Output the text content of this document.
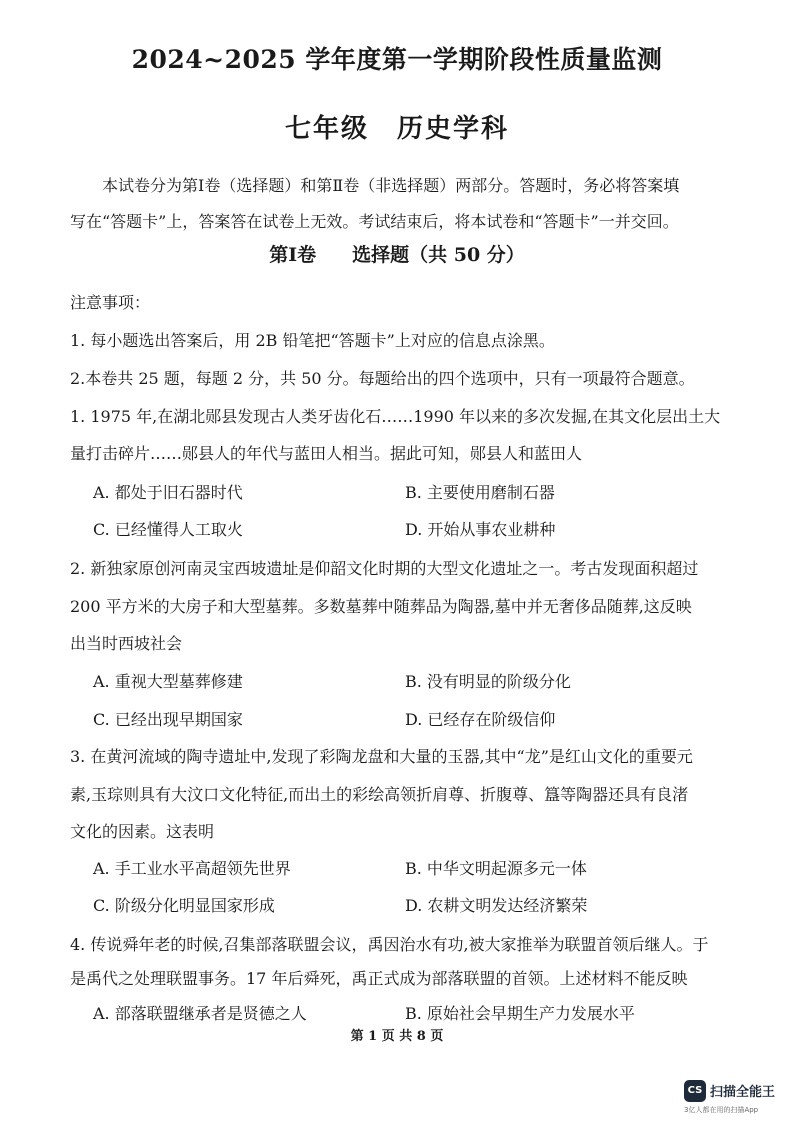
2024~2025 学年度第一学期阶段性质量监测
七年级 历史学科
本试卷分为第Ⅰ卷（选择题）和第Ⅱ卷（非选择题）两部分。答题时，务必将答案填
写在“答题卡”上，答案答在试卷上无效。考试结束后，将本试卷和“答题卡”一并交回。
第Ⅰ卷 选择题（共 50 分）
注意事项：
1. 每小题选出答案后，用 2B 铅笔把“答题卡”上对应的信息点涂黑。
2.本卷共 25 题，每题 2 分，共 50 分。每题给出的四个选项中，只有一项最符合题意。
1. 1975 年,在湖北郧县发现古人类牙齿化石……1990 年以来的多次发掘,在其文化层出土大
量打击碎片……郧县人的年代与蓝田人相当。据此可知，郧县人和蓝田人
A. 都处于旧石器时代	B. 主要使用磨制石器
C. 已经懂得人工取火	D. 开始从事农业耕种
2. 新独家原创河南灵宝西坡遗址是仰韶文化时期的大型文化遗址之一。考古发现面积超过
200 平方米的大房子和大型墓葬。多数墓葬中随葬品为陶器,墓中并无奢侈品随葬,这反映
出当时西坡社会
A. 重视大型墓葬修建	B. 没有明显的阶级分化
C. 已经出现早期国家	D. 已经存在阶级信仰
3. 在黄河流域的陶寺遗址中,发现了彩陶龙盘和大量的玉器,其中“龙”是红山文化的重要元
素,玉琮则具有大汶口文化特征,而出土的彩绘高领折肩尊、折腹尊、簋等陶器还具有良渚
文化的因素。这表明
A. 手工业水平高超领先世界	B. 中华文明起源多元一体
C. 阶级分化明显国家形成	D. 农耕文明发达经济繁荣
4. 传说舜年老的时候,召集部落联盟会议，禹因治水有功,被大家推举为联盟首领后继人。于
是禹代之处理联盟事务。17 年后舜死，禹正式成为部落联盟的首领。上述材料不能反映
A. 部落联盟继承者是贤德之人	B. 原始社会早期生产力发展水平
第 1 页 共 8 页
CS 扫描全能王
3亿人都在用的扫描App
